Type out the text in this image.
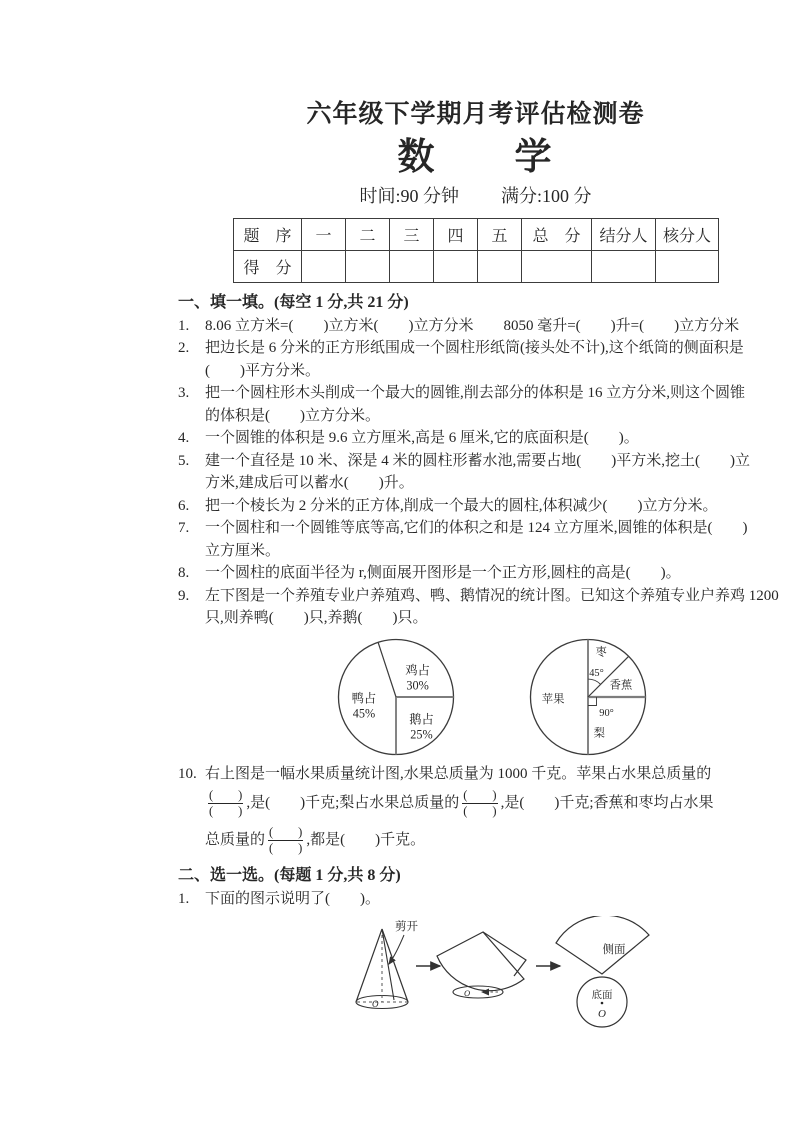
六年级下学期月考评估检测卷
数　　学
时间:90 分钟 满分:100 分
题　序	一	二	三	四	五	总　分	结分人	核分人
得　分								
一、填一填。(每空 1 分,共 21 分)
1.	8.06 立方米=(　　)立方米(　　)立方分米　　8050 毫升=(　　)升=(　　)立方分米
2.	把边长是 6 分米的正方形纸围成一个圆柱形纸筒(接头处不计),这个纸筒的侧面积是
(　　)平方分米。
3.	把一个圆柱形木头削成一个最大的圆锥,削去部分的体积是 16 立方分米,则这个圆锥
的体积是(　　)立方分米。
4.	一个圆锥的体积是 9.6 立方厘米,高是 6 厘米,它的底面积是(　　)。
5.	建一个直径是 10 米、深是 4 米的圆柱形蓄水池,需要占地(　　)平方米,挖土(　　)立
方米,建成后可以蓄水(　　)升。
6.	把一个棱长为 2 分米的正方体,削成一个最大的圆柱,体积减少(　　)立方分米。
7.	一个圆柱和一个圆锥等底等高,它们的体积之和是 124 立方厘米,圆锥的体积是(　　)
立方厘米。
8.	一个圆柱的底面半径为 r,侧面展开图形是一个正方形,圆柱的高是(　　)。
9.	左下图是一个养殖专业户养殖鸡、鸭、鹅情况的统计图。已知这个养殖专业户养鸡 1200
只,则养鸭(　　)只,养鹅(　　)只。
鸡占
30%
鸭占
45%	鹅占
25%
枣
45°
香蕉
90°
梨
苹果
10. 右上图是一幅水果质量统计图,水果总质量为 1000 千克。苹果占水果总质量的
$\frac{( )}{( )}$ ,是(　　)千克;梨占水果总质量的 $\frac{( )}{( )}$ ,是(　　)千克;香蕉和枣均占水果
总质量的 $\frac{( )}{( )}$ ,都是(　　)千克。
二、选一选。(每题 1 分,共 8 分)
1.	下面的图示说明了(　　)。
O
剪开
O
侧面
底面
O
